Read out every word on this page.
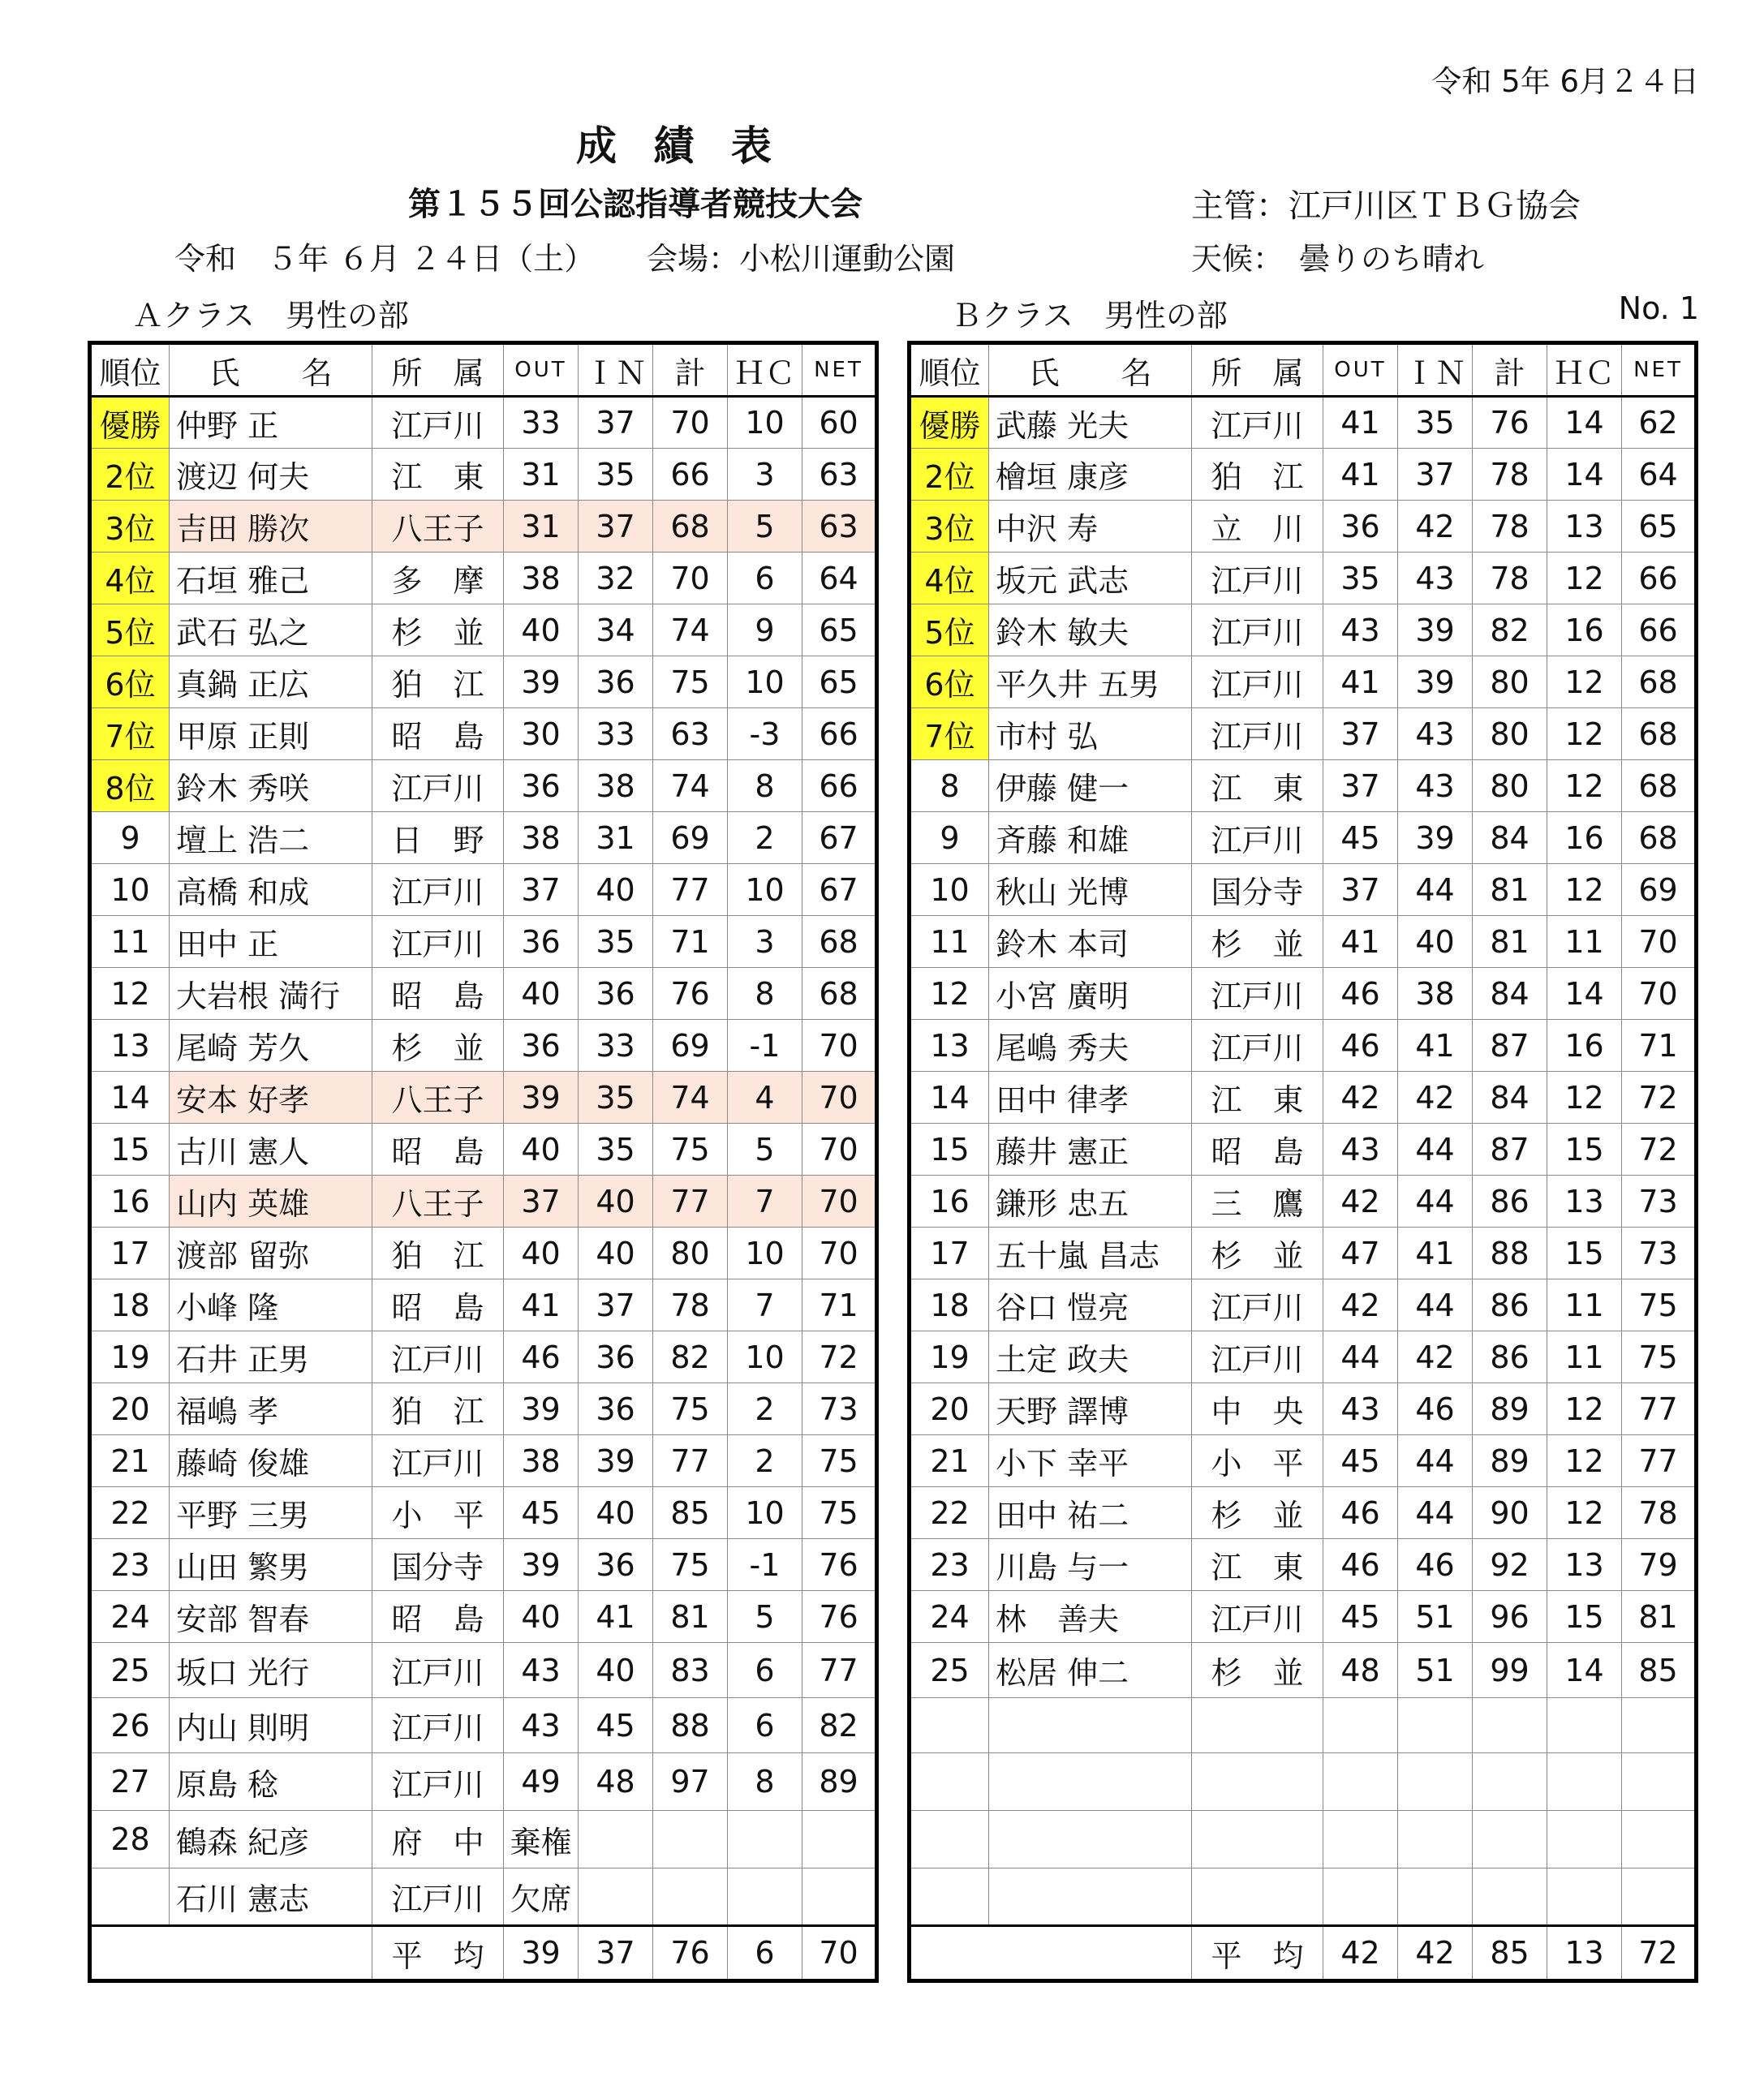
令和 5年 6月２４日
成 績 表
第１５５回公認指導者競技大会	主管：江戸川区ＴＢＧ協会
令和　５年 ６月 ２４日（土） 会場：小松川運動公園	天候：　曇りのち晴れ
Ａクラス　男性の部	Ｂクラス　男性の部	No. 1
順位	氏　　名	所　属	OUT	ＩＮ	計	ＨＣ	NET
優勝	仲野 正	江戸川	33	37	70	10	60
2位	渡辺 何夫	江　東	31	35	66	3	63
3位	吉田 勝次	八王子	31	37	68	5	63
4位	石垣 雅己	多　摩	38	32	70	6	64
5位	武石 弘之	杉　並	40	34	74	9	65
6位	真鍋 正広	狛　江	39	36	75	10	65
7位	甲原 正則	昭　島	30	33	63	-3	66
8位	鈴木 秀咲	江戸川	36	38	74	8	66
9	壇上 浩二	日　野	38	31	69	2	67
10	高橋 和成	江戸川	37	40	77	10	67
11	田中 正	江戸川	36	35	71	3	68
12	大岩根 満行	昭　島	40	36	76	8	68
13	尾崎 芳久	杉　並	36	33	69	-1	70
14	安本 好孝	八王子	39	35	74	4	70
15	古川 憲人	昭　島	40	35	75	5	70
16	山内 英雄	八王子	37	40	77	7	70
17	渡部 留弥	狛　江	40	40	80	10	70
18	小峰 隆	昭　島	41	37	78	7	71
19	石井 正男	江戸川	46	36	82	10	72
20	福嶋 孝	狛　江	39	36	75	2	73
21	藤崎 俊雄	江戸川	38	39	77	2	75
22	平野 三男	小　平	45	40	85	10	75
23	山田 繁男	国分寺	39	36	75	-1	76
24	安部 智春	昭　島	40	41	81	5	76
25	坂口 光行	江戸川	43	40	83	6	77
26	内山 則明	江戸川	43	45	88	6	82
27	原島 稔	江戸川	49	48	97	8	89
28	鶴森 紀彦	府　中	棄権				
	石川 憲志	江戸川	欠席				
		平　均	39	37	76	6	70
順位	氏　　名	所　属	OUT	ＩＮ	計	ＨＣ	NET
優勝	武藤 光夫	江戸川	41	35	76	14	62
2位	檜垣 康彦	狛　江	41	37	78	14	64
3位	中沢 寿	立　川	36	42	78	13	65
4位	坂元 武志	江戸川	35	43	78	12	66
5位	鈴木 敏夫	江戸川	43	39	82	16	66
6位	平久井 五男	江戸川	41	39	80	12	68
7位	市村 弘	江戸川	37	43	80	12	68
8	伊藤 健一	江　東	37	43	80	12	68
9	斉藤 和雄	江戸川	45	39	84	16	68
10	秋山 光博	国分寺	37	44	81	12	69
11	鈴木 本司	杉　並	41	40	81	11	70
12	小宮 廣明	江戸川	46	38	84	14	70
13	尾嶋 秀夫	江戸川	46	41	87	16	71
14	田中 律孝	江　東	42	42	84	12	72
15	藤井 憲正	昭　島	43	44	87	15	72
16	鎌形 忠五	三　鷹	42	44	86	13	73
17	五十嵐 昌志	杉　並	47	41	88	15	73
18	谷口 愷亮	江戸川	42	44	86	11	75
19	土定 政夫	江戸川	44	42	86	11	75
20	天野 譯博	中　央	43	46	89	12	77
21	小下 幸平	小　平	45	44	89	12	77
22	田中 祐二	杉　並	46	44	90	12	78
23	川島 与一	江　東	46	46	92	13	79
24	林　善夫	江戸川	45	51	96	15	81
25	松居 伸二	杉　並	48	51	99	14	85

		平　均	42	42	85	13	72
